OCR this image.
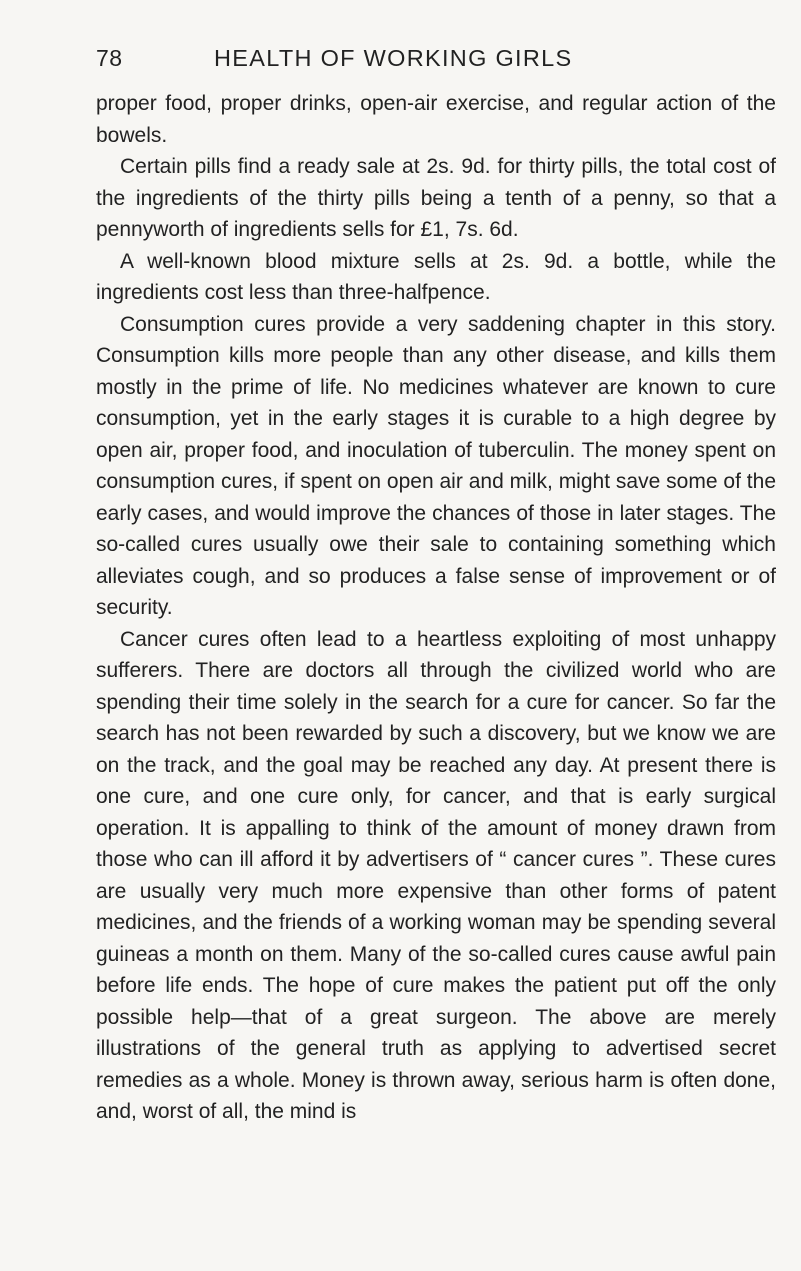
78	HEALTH OF WORKING GIRLS

proper food, proper drinks, open-air exercise, and regular action of the bowels.

Certain pills find a ready sale at 2s. 9d. for thirty pills, the total cost of the ingredients of the thirty pills being a tenth of a penny, so that a pennyworth of ingredients sells for £1, 7s. 6d.

A well-known blood mixture sells at 2s. 9d. a bottle, while the ingredients cost less than three-halfpence.

Consumption cures provide a very saddening chapter in this story. Consumption kills more people than any other disease, and kills them mostly in the prime of life. No medicines whatever are known to cure consumption, yet in the early stages it is curable to a high degree by open air, proper food, and inoculation of tuberculin. The money spent on consumption cures, if spent on open air and milk, might save some of the early cases, and would improve the chances of those in later stages. The so-called cures usually owe their sale to containing something which alleviates cough, and so produces a false sense of improvement or of security.

Cancer cures often lead to a heartless exploiting of most unhappy sufferers. There are doctors all through the civilized world who are spending their time solely in the search for a cure for cancer. So far the search has not been rewarded by such a discovery, but we know we are on the track, and the goal may be reached any day. At present there is one cure, and one cure only, for cancer, and that is early surgical operation. It is appalling to think of the amount of money drawn from those who can ill afford it by advertisers of “ cancer cures ”. These cures are usually very much more expensive than other forms of patent medicines, and the friends of a working woman may be spending several guineas a month on them. Many of the so-called cures cause awful pain before life ends. The hope of cure makes the patient put off the only possible help—that of a great surgeon. The above are merely illustrations of the general truth as applying to advertised secret remedies as a whole. Money is thrown away, serious harm is often done, and, worst of all, the mind is
